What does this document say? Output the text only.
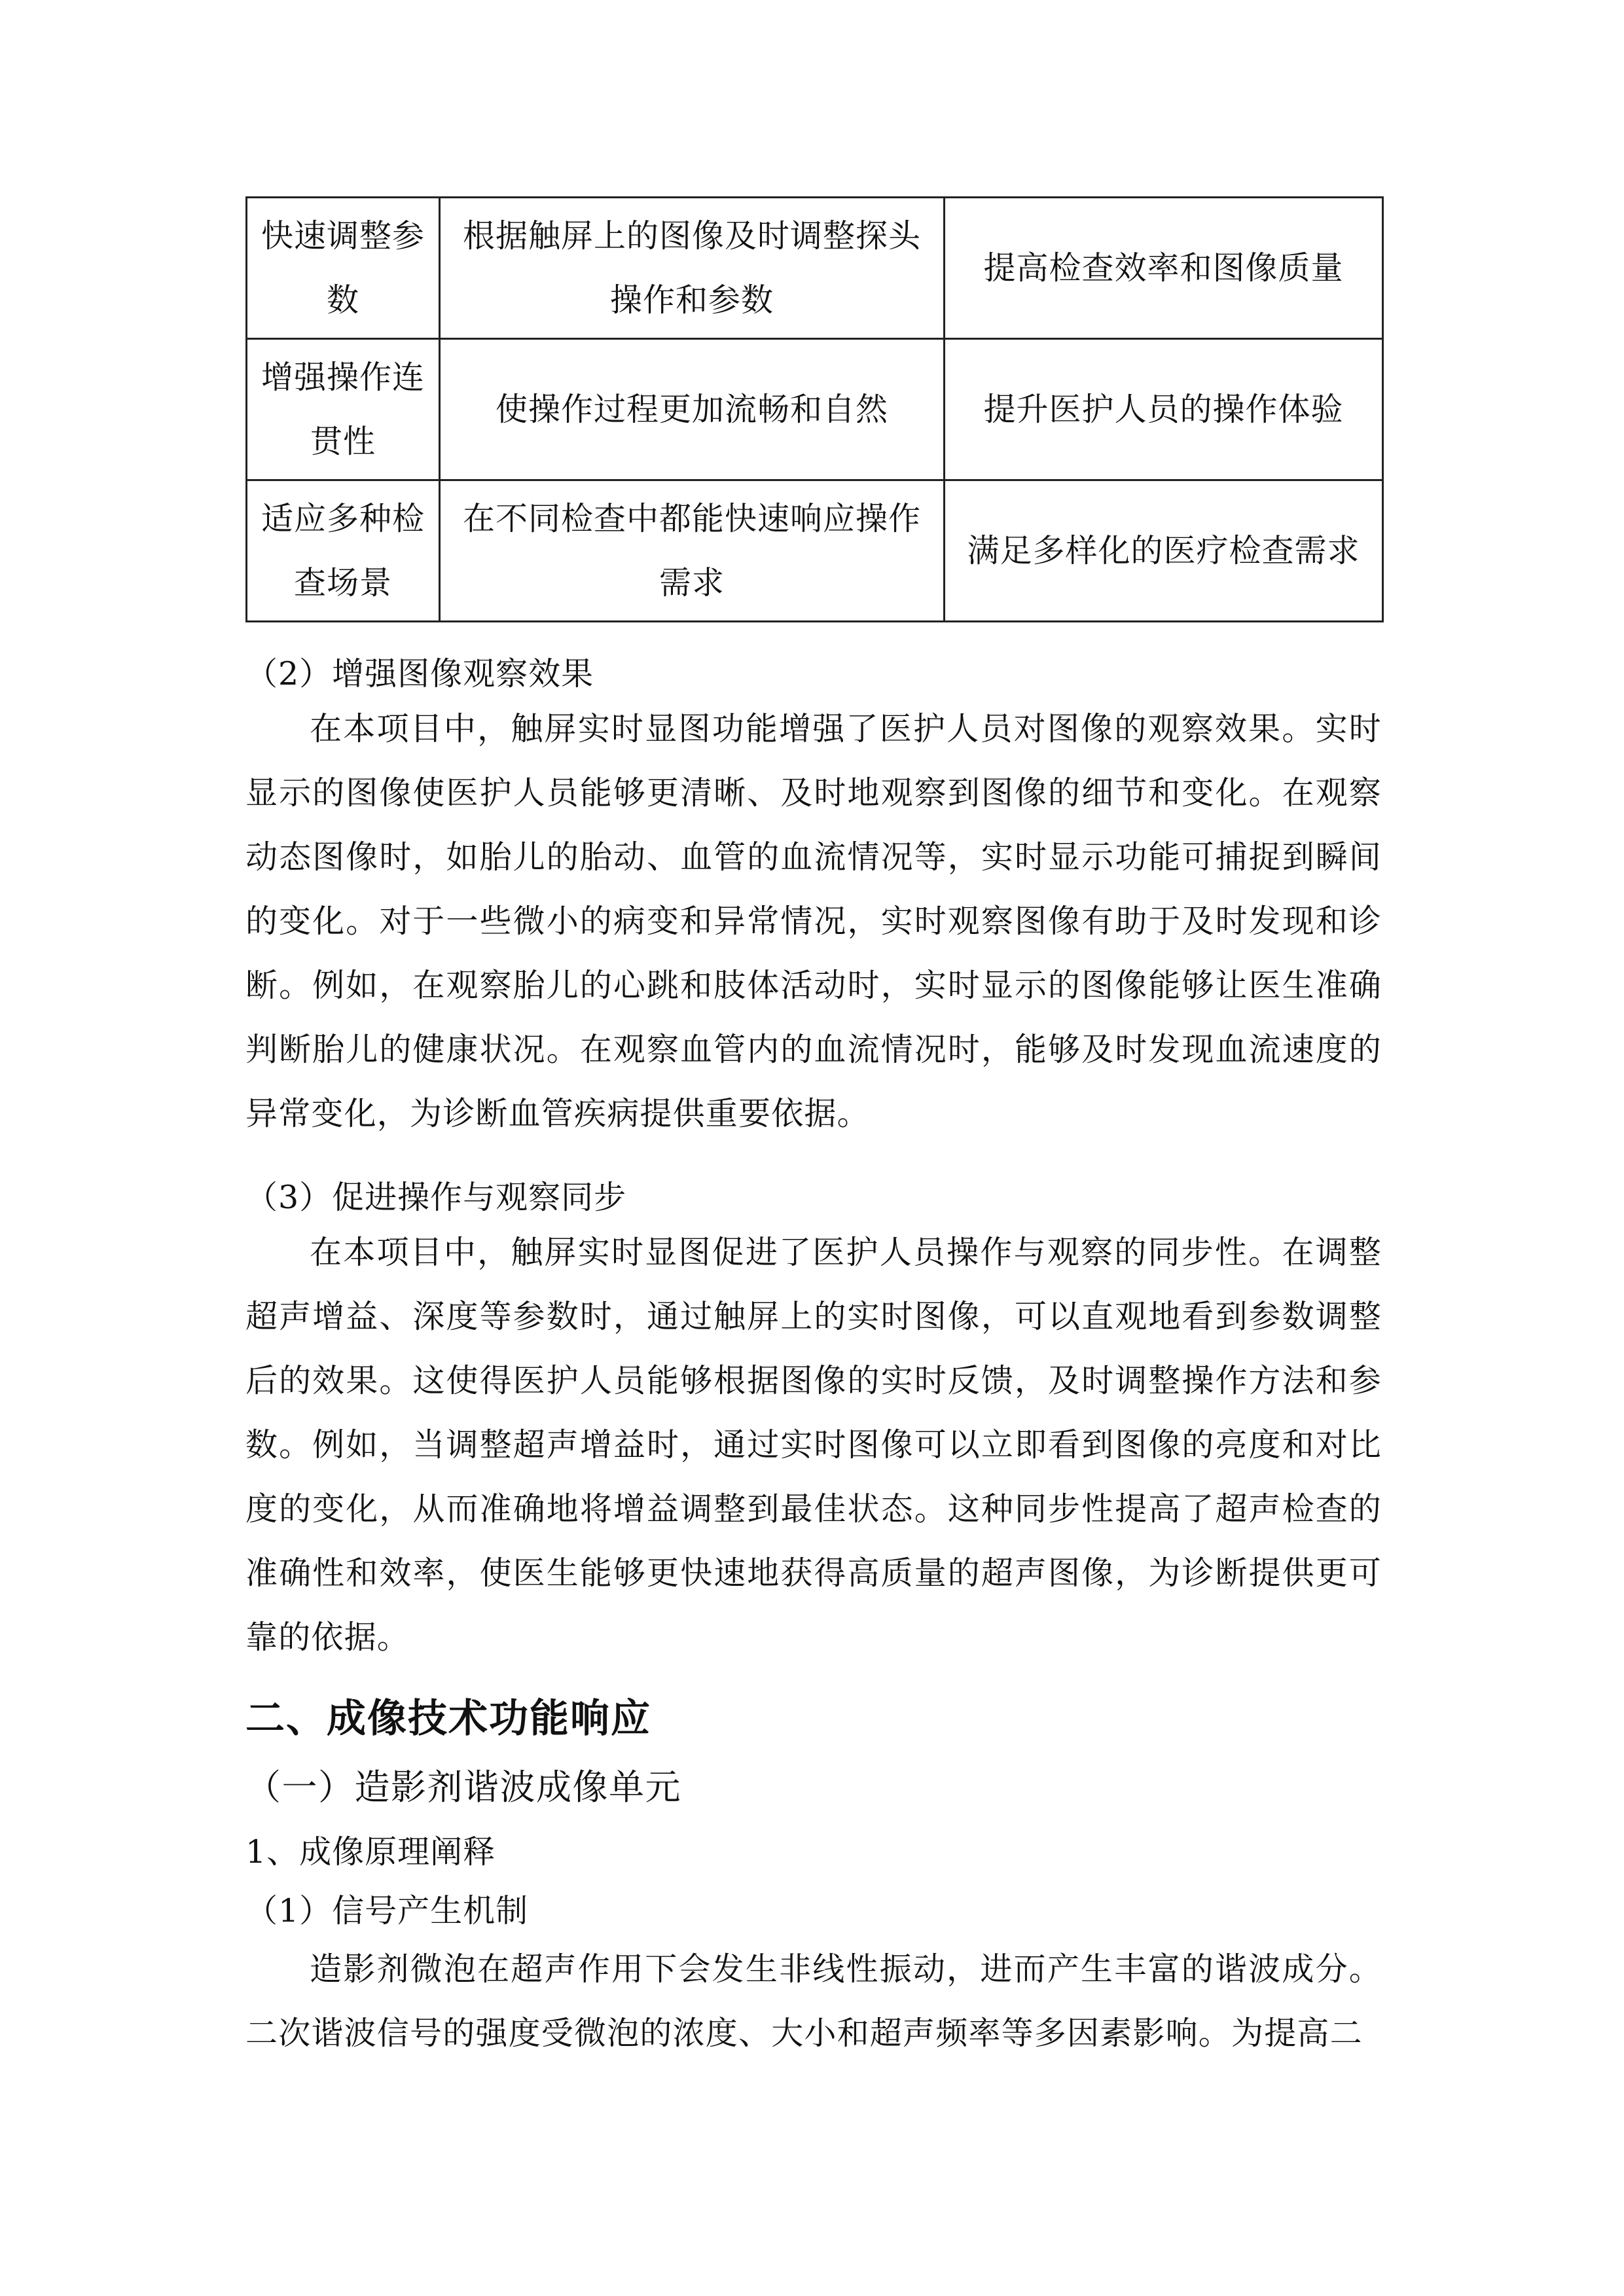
快速调整参数	根据触屏上的图像及时调整探头操作和参数	提高检查效率和图像质量
增强操作连贯性	使操作过程更加流畅和自然	提升医护人员的操作体验
适应多种检查场景	在不同检查中都能快速响应操作需求	满足多样化的医疗检查需求
（2）增强图像观察效果

在本项目中，触屏实时显图功能增强了医护人员对图像的观察效果。实时显示的图像使医护人员能够更清晰、及时地观察到图像的细节和变化。在观察动态图像时，如胎儿的胎动、血管的血流情况等，实时显示功能可捕捉到瞬间的变化。对于一些微小的病变和异常情况，实时观察图像有助于及时发现和诊断。例如，在观察胎儿的心跳和肢体活动时，实时显示的图像能够让医生准确判断胎儿的健康状况。在观察血管内的血流情况时，能够及时发现血流速度的异常变化，为诊断血管疾病提供重要依据。

（3）促进操作与观察同步

在本项目中，触屏实时显图促进了医护人员操作与观察的同步性。在调整超声增益、深度等参数时，通过触屏上的实时图像，可以直观地看到参数调整后的效果。这使得医护人员能够根据图像的实时反馈，及时调整操作方法和参数。例如，当调整超声增益时，通过实时图像可以立即看到图像的亮度和对比度的变化，从而准确地将增益调整到最佳状态。这种同步性提高了超声检查的准确性和效率，使医生能够更快速地获得高质量的超声图像，为诊断提供更可靠的依据。

二、成像技术功能响应
（一）造影剂谐波成像单元
1、成像原理阐释
（1）信号产生机制

造影剂微泡在超声作用下会发生非线性振动，进而产生丰富的谐波成分。二次谐波信号的强度受微泡的浓度、大小和超声频率等多因素影响。为提高二
